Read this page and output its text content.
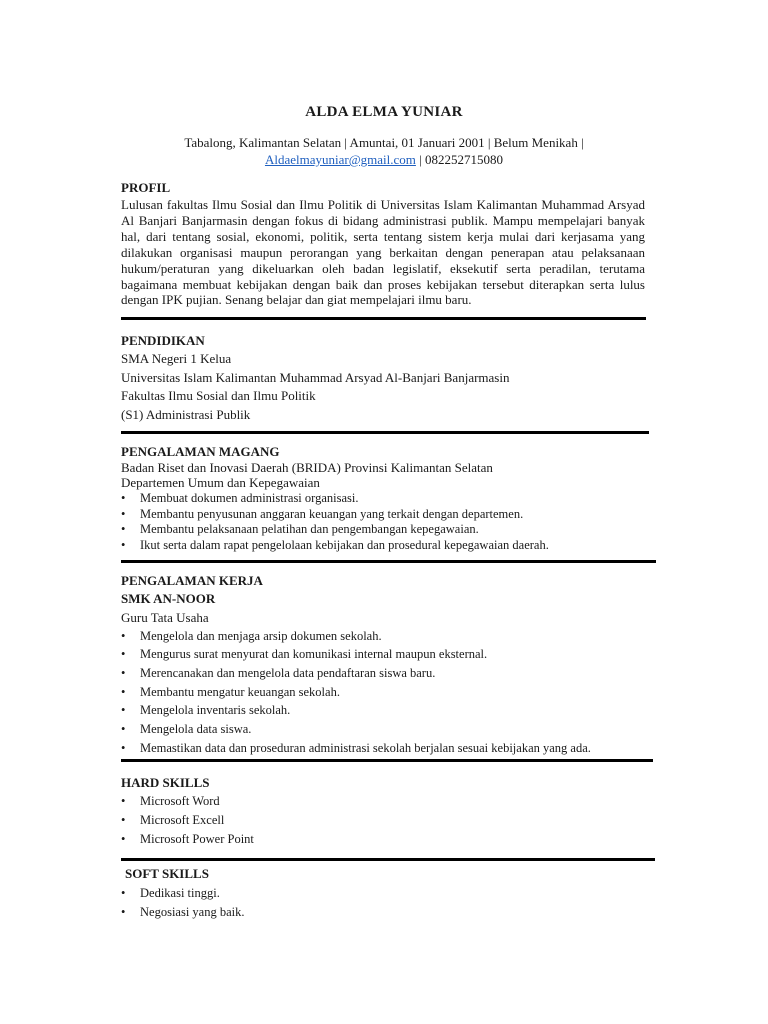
ALDA ELMA YUNIAR
Tabalong, Kalimantan Selatan | Amuntai, 01 Januari 2001 | Belum Menikah |
Aldaelmayuniar@gmail.com | 082252715080
PROFIL
Lulusan fakultas Ilmu Sosial dan Ilmu Politik di Universitas Islam Kalimantan Muhammad Arsyad Al Banjari Banjarmasin dengan fokus di bidang administrasi publik. Mampu mempelajari banyak hal, dari tentang sosial, ekonomi, politik, serta tentang sistem kerja mulai dari kerjasama yang dilakukan organisasi maupun perorangan yang berkaitan dengan penerapan atau pelaksanaan hukum/peraturan yang dikeluarkan oleh badan legislatif, eksekutif serta peradilan, terutama bagaimana membuat kebijakan dengan baik dan proses kebijakan tersebut diterapkan serta lulus dengan IPK pujian. Senang belajar dan giat mempelajari ilmu baru.
PENDIDIKAN
SMA Negeri 1 Kelua
Universitas Islam Kalimantan Muhammad Arsyad Al-Banjari Banjarmasin
Fakultas Ilmu Sosial dan Ilmu Politik
(S1) Administrasi Publik
PENGALAMAN MAGANG
Badan Riset dan Inovasi Daerah (BRIDA) Provinsi Kalimantan Selatan
Departemen Umum dan Kepegawaian
• Membuat dokumen administrasi organisasi.
• Membantu penyusunan anggaran keuangan yang terkait dengan departemen.
• Membantu pelaksanaan pelatihan dan pengembangan kepegawaian.
• Ikut serta dalam rapat pengelolaan kebijakan dan prosedural kepegawaian daerah.
PENGALAMAN KERJA
SMK AN-NOOR
Guru Tata Usaha
• Mengelola dan menjaga arsip dokumen sekolah.
• Mengurus surat menyurat dan komunikasi internal maupun eksternal.
• Merencanakan dan mengelola data pendaftaran siswa baru.
• Membantu mengatur keuangan sekolah.
• Mengelola inventaris sekolah.
• Mengelola data siswa.
• Memastikan data dan proseduran administrasi sekolah berjalan sesuai kebijakan yang ada.
HARD SKILLS
• Microsoft Word
• Microsoft Excell
• Microsoft Power Point
SOFT SKILLS
• Dedikasi tinggi.
• Negosiasi yang baik.
